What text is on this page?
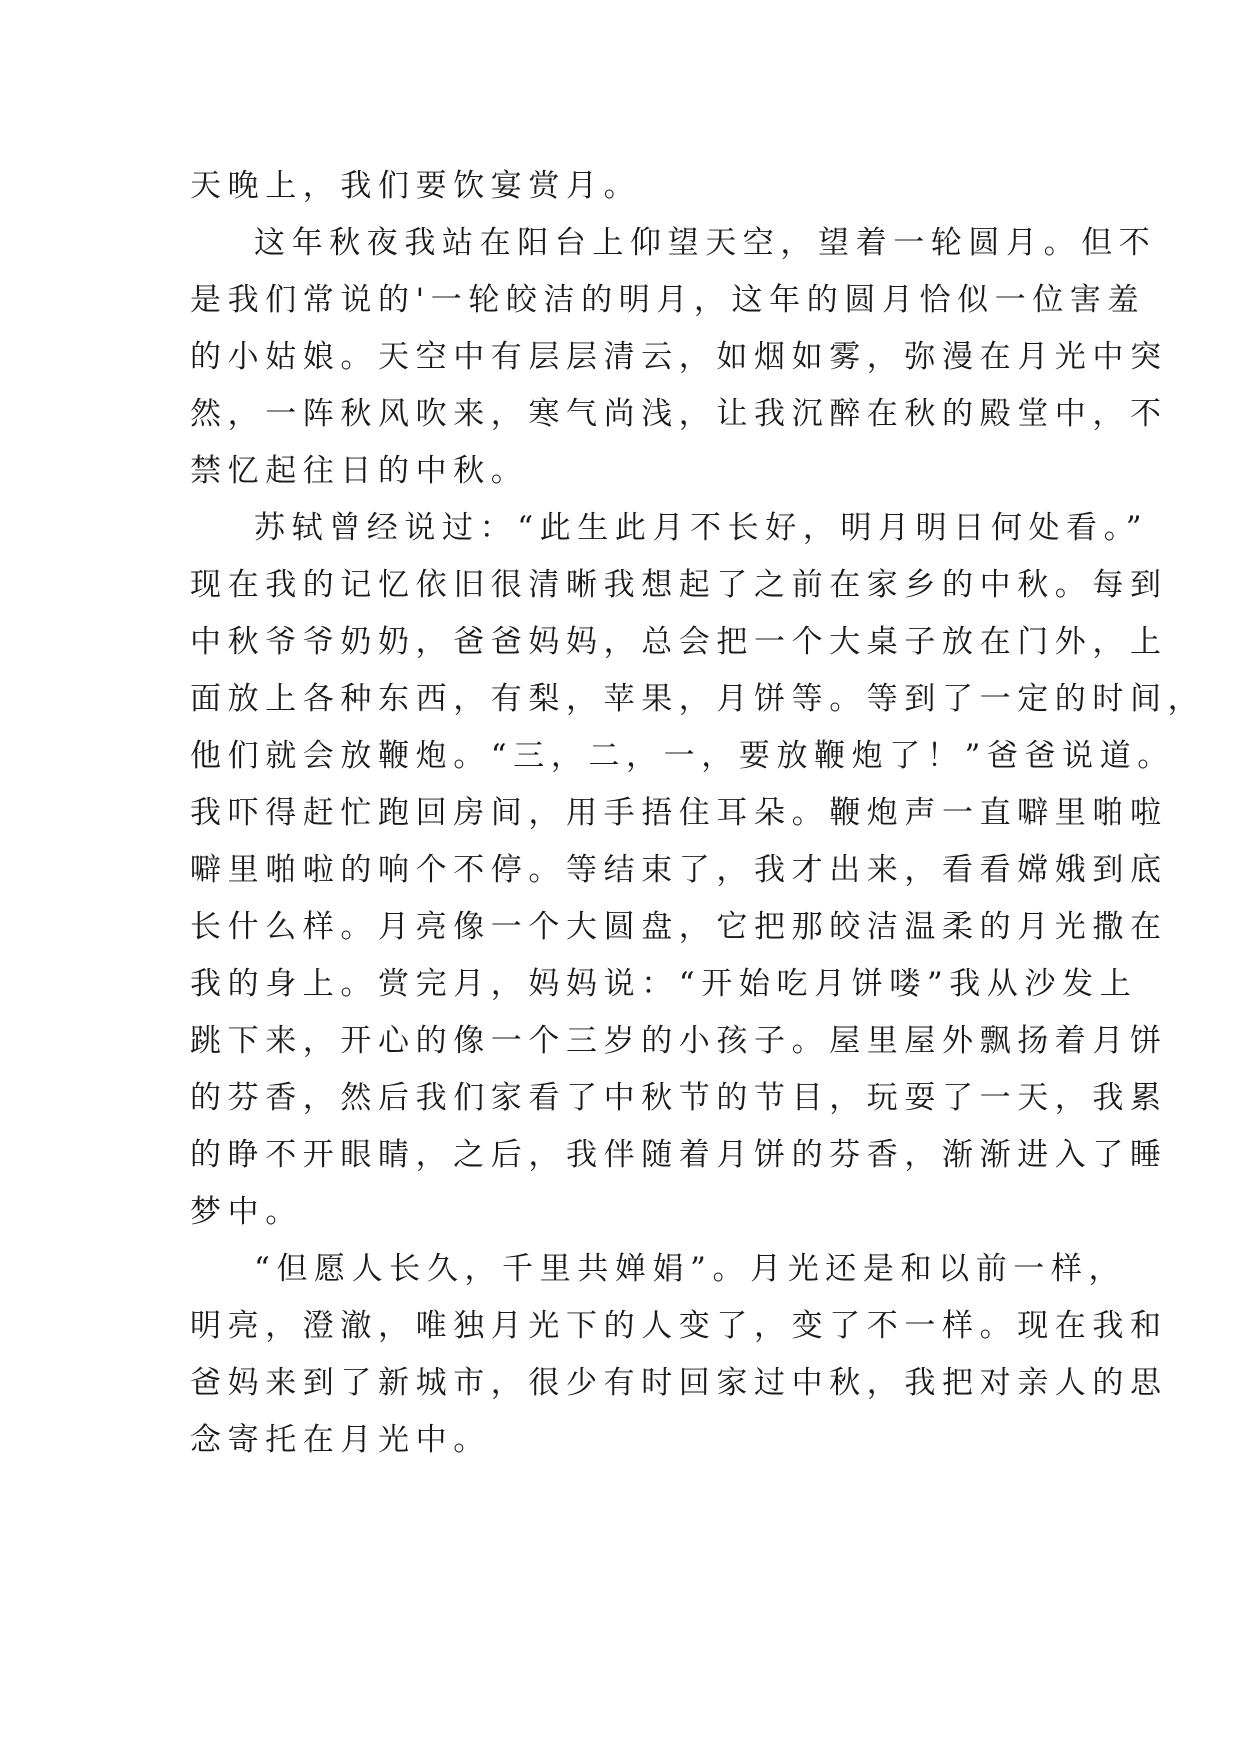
天晚上，我们要饮宴赏月。
这年秋夜我站在阳台上仰望天空，望着一轮圆月。但不
是我们常说的'一轮皎洁的明月，这年的圆月恰似一位害羞
的小姑娘。天空中有层层清云，如烟如雾，弥漫在月光中突
然，一阵秋风吹来，寒气尚浅，让我沉醉在秋的殿堂中，不
禁忆起往日的中秋。
苏轼曾经说过：“此生此月不长好，明月明日何处看。”
现在我的记忆依旧很清晰我想起了之前在家乡的中秋。每到
中秋爷爷奶奶，爸爸妈妈，总会把一个大桌子放在门外，上
面放上各种东西，有梨，苹果，月饼等。等到了一定的时间，
他们就会放鞭炮。“三，二，一，要放鞭炮了！”爸爸说道。
我吓得赶忙跑回房间，用手捂住耳朵。鞭炮声一直噼里啪啦
噼里啪啦的响个不停。等结束了，我才出来，看看嫦娥到底
长什么样。月亮像一个大圆盘，它把那皎洁温柔的月光撒在
我的身上。赏完月，妈妈说：“开始吃月饼喽”我从沙发上
跳下来，开心的像一个三岁的小孩子。屋里屋外飘扬着月饼
的芬香，然后我们家看了中秋节的节目，玩耍了一天，我累
的睁不开眼睛，之后，我伴随着月饼的芬香，渐渐进入了睡
梦中。
“但愿人长久，千里共婵娟”。月光还是和以前一样，
明亮，澄澈，唯独月光下的人变了，变了不一样。现在我和
爸妈来到了新城市，很少有时回家过中秋，我把对亲人的思
念寄托在月光中。
